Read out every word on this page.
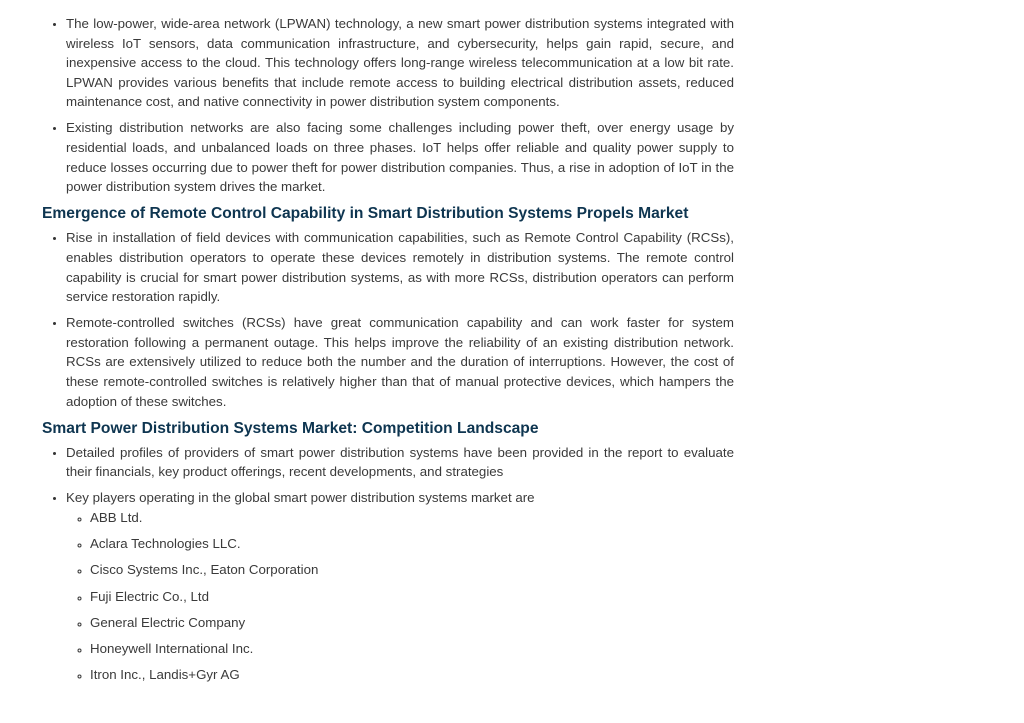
• The low-power, wide-area network (LPWAN) technology, a new smart power distribution systems integrated with wireless IoT sensors, data communication infrastructure, and cybersecurity, helps gain rapid, secure, and inexpensive access to the cloud. This technology offers long-range wireless telecommunication at a low bit rate. LPWAN provides various benefits that include remote access to building electrical distribution assets, reduced maintenance cost, and native connectivity in power distribution system components.
• Existing distribution networks are also facing some challenges including power theft, over energy usage by residential loads, and unbalanced loads on three phases. IoT helps offer reliable and quality power supply to reduce losses occurring due to power theft for power distribution companies. Thus, a rise in adoption of IoT in the power distribution system drives the market.
Emergence of Remote Control Capability in Smart Distribution Systems Propels Market
• Rise in installation of field devices with communication capabilities, such as Remote Control Capability (RCSs), enables distribution operators to operate these devices remotely in distribution systems. The remote control capability is crucial for smart power distribution systems, as with more RCSs, distribution operators can perform service restoration rapidly.
• Remote-controlled switches (RCSs) have great communication capability and can work faster for system restoration following a permanent outage. This helps improve the reliability of an existing distribution network. RCSs are extensively utilized to reduce both the number and the duration of interruptions. However, the cost of these remote-controlled switches is relatively higher than that of manual protective devices, which hampers the adoption of these switches.
Smart Power Distribution Systems Market: Competition Landscape
• Detailed profiles of providers of smart power distribution systems have been provided in the report to evaluate their financials, key product offerings, recent developments, and strategies
• Key players operating in the global smart power distribution systems market are
◦ ABB Ltd.
◦ Aclara Technologies LLC.
◦ Cisco Systems Inc., Eaton Corporation
◦ Fuji Electric Co., Ltd
◦ General Electric Company
◦ Honeywell International Inc.
◦ Itron Inc., Landis+Gyr AG
